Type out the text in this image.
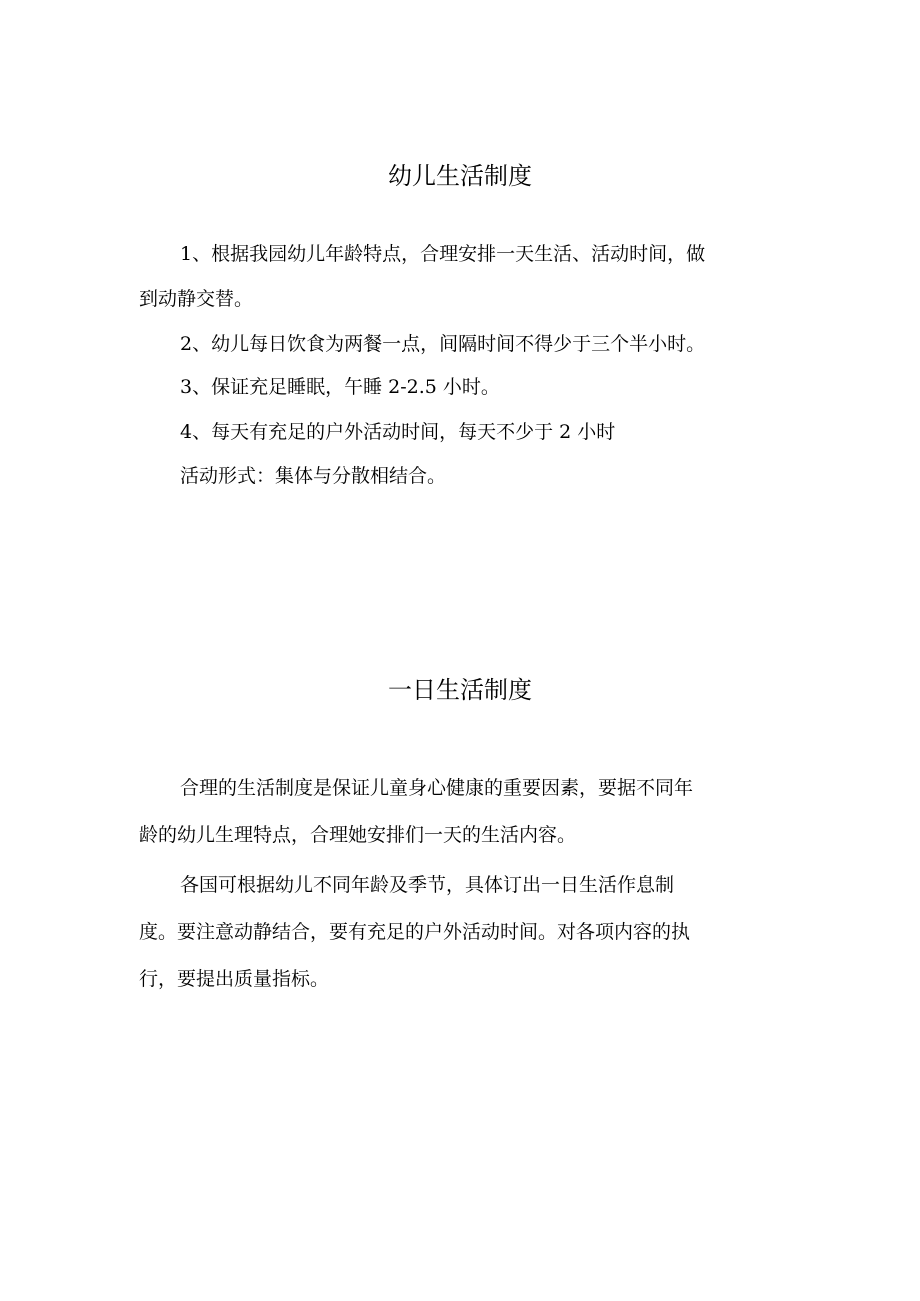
幼儿生活制度
1、根据我园幼儿年龄特点，合理安排一天生活、活动时间，做
到动静交替。
2、幼儿每日饮食为两餐一点，间隔时间不得少于三个半小时。
3、保证充足睡眠，午睡 2-2.5 小时。
4、每天有充足的户外活动时间，每天不少于 2 小时
活动形式：集体与分散相结合。
一日生活制度
合理的生活制度是保证儿童身心健康的重要因素，要据不同年
龄的幼儿生理特点，合理她安排们一天的生活内容。
各国可根据幼儿不同年龄及季节，具体订出一日生活作息制
度。要注意动静结合，要有充足的户外活动时间。对各项内容的执
行，要提出质量指标。
